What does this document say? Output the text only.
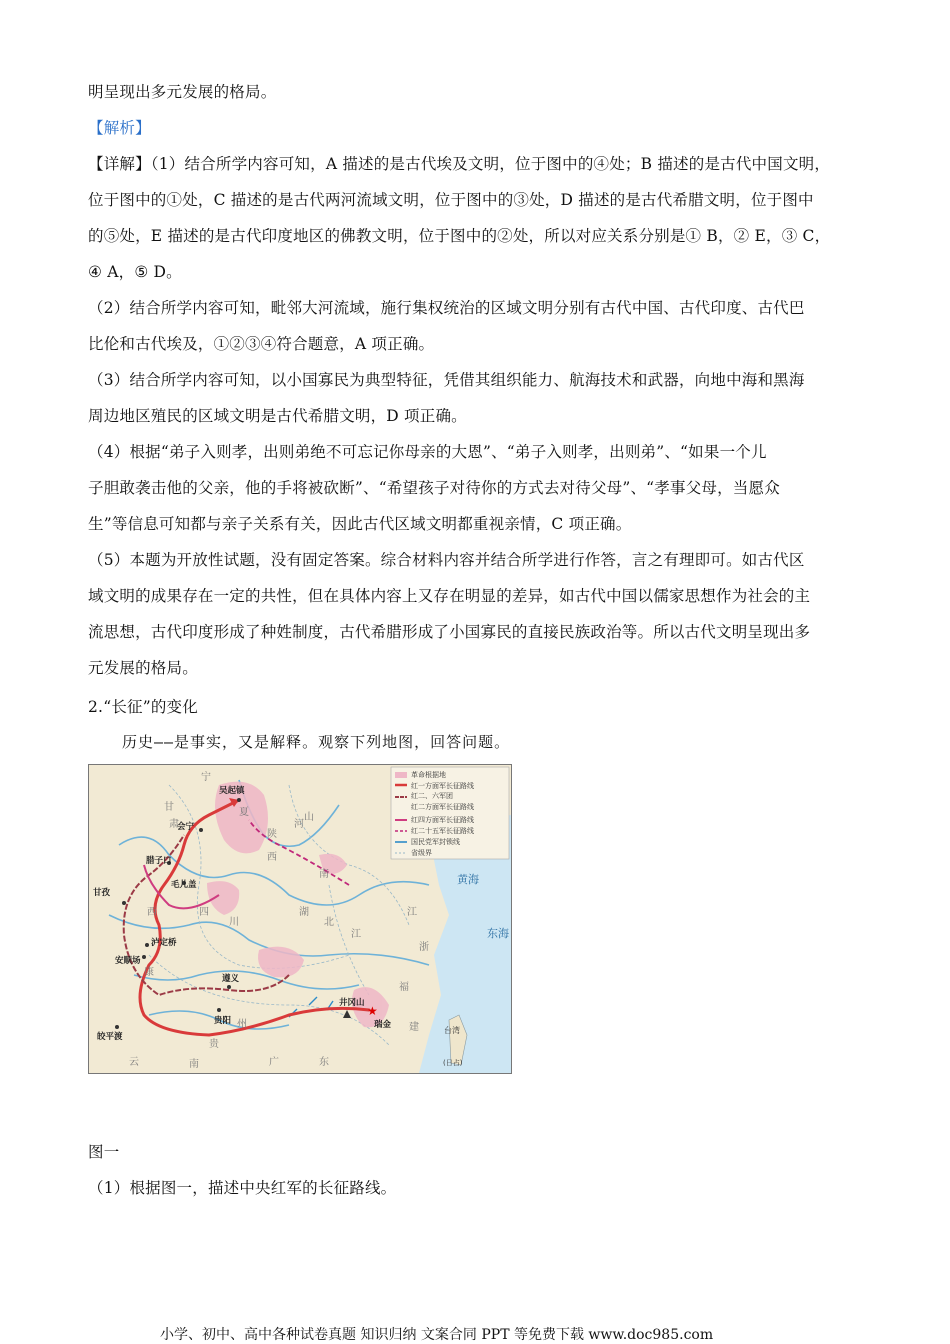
明呈现出多元发展的格局。
【解析】
【详解】（1）结合所学内容可知，A 描述的是古代埃及文明，位于图中的④处；B 描述的是古代中国文明，
位于图中的①处，C 描述的是古代两河流域文明，位于图中的③处，D 描述的是古代希腊文明，位于图中
的⑤处，E 描述的是古代印度地区的佛教文明，位于图中的②处，所以对应关系分别是① B，② E，③ C，
④ A，⑤ D。
（2）结合所学内容可知，毗邻大河流域，施行集权统治的区域文明分别有古代中国、古代印度、古代巴
比伦和古代埃及，①②③④符合题意，A 项正确。
（3）结合所学内容可知，以小国寡民为典型特征，凭借其组织能力、航海技术和武器，向地中海和黑海
周边地区殖民的区域文明是古代希腊文明，D 项正确。
（4）根据“弟子入则孝，出则弟绝不可忘记你母亲的大恩”、“弟子入则孝，出则弟”、“如果一个儿
子胆敢袭击他的父亲，他的手将被砍断”、“希望孩子对待你的方式去对待父母”、“孝事父母，当愿众
生”等信息可知都与亲子关系有关，因此古代区域文明都重视亲情，C 项正确。
（5）本题为开放性试题，没有固定答案。综合材料内容并结合所学进行作答，言之有理即可。如古代区
域文明的成果存在一定的共性，但在具体内容上又存在明显的差异，如古代中国以儒家思想作为社会的主
流思想，古代印度形成了种姓制度，古代希腊形成了小国寡民的直接民族政治等。所以古代文明呈现出多
元发展的格局。
2.“长征”的变化
历史——是事实，又是解释。观察下列地图，回答问题。
革命根据地
红一方面军长征路线
红二、六军团
红二方面军长征路线
红四方面军长征路线
红二十五军长征路线
国民党军封锁线
省级界
★
吴起镇
会宁
腊子口
毛儿盖
甘孜
泸定桥
安顺场
遵义
贵阳
皎平渡
井冈山
瑞金
黄海
东海
台湾
(日占)
宁
夏
甘
肃
陕
西
河
南
山
四
川
湖
北
西
江
康
贵
州
云	南	广	东
福
建
浙
江
图一
（1）根据图一，描述中央红军的长征路线。
小学、初中、高中各种试卷真题 知识归纳 文案合同 PPT 等免费下载 www.doc985.com
